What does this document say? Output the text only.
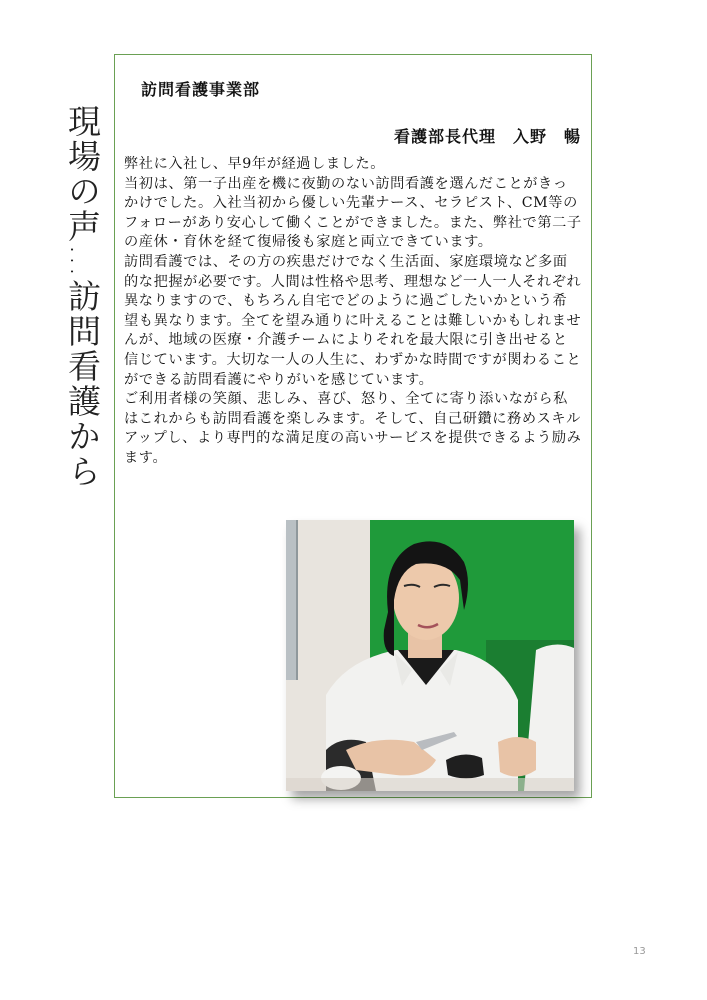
現場の声…訪問看護から
訪問看護事業部
看護部長代理　入野　暢

弊社に入社し、早9年が経過しました。

当初は、第一子出産を機に夜勤のない訪問看護を選んだことがきっかけでした。入社当初から優しい先輩ナース、セラピスト、CM等のフォローがあり安心して働くことができました。また、弊社で第二子の産休・育休を経て復帰後も家庭と両立できています。

訪問看護では、その方の疾患だけでなく生活面、家庭環境など多面的な把握が必要です。人間は性格や思考、理想など一人一人それぞれ異なりますので、もちろん自宅でどのように過ごしたいかという希望も異なります。全てを望み通りに叶えることは難しいかもしれませんが、地域の医療・介護チームによりそれを最大限に引き出せると信じています。大切な一人の人生に、わずかな時間ですが関わることができる訪問看護にやりがいを感じています。

ご利用者様の笑顔、悲しみ、喜び、怒り、全てに寄り添いながら私はこれからも訪問看護を楽しみます。そして、自己研鑽に務めスキルアップし、より専門的な満足度の高いサービスを提供できるよう励みます。

13
